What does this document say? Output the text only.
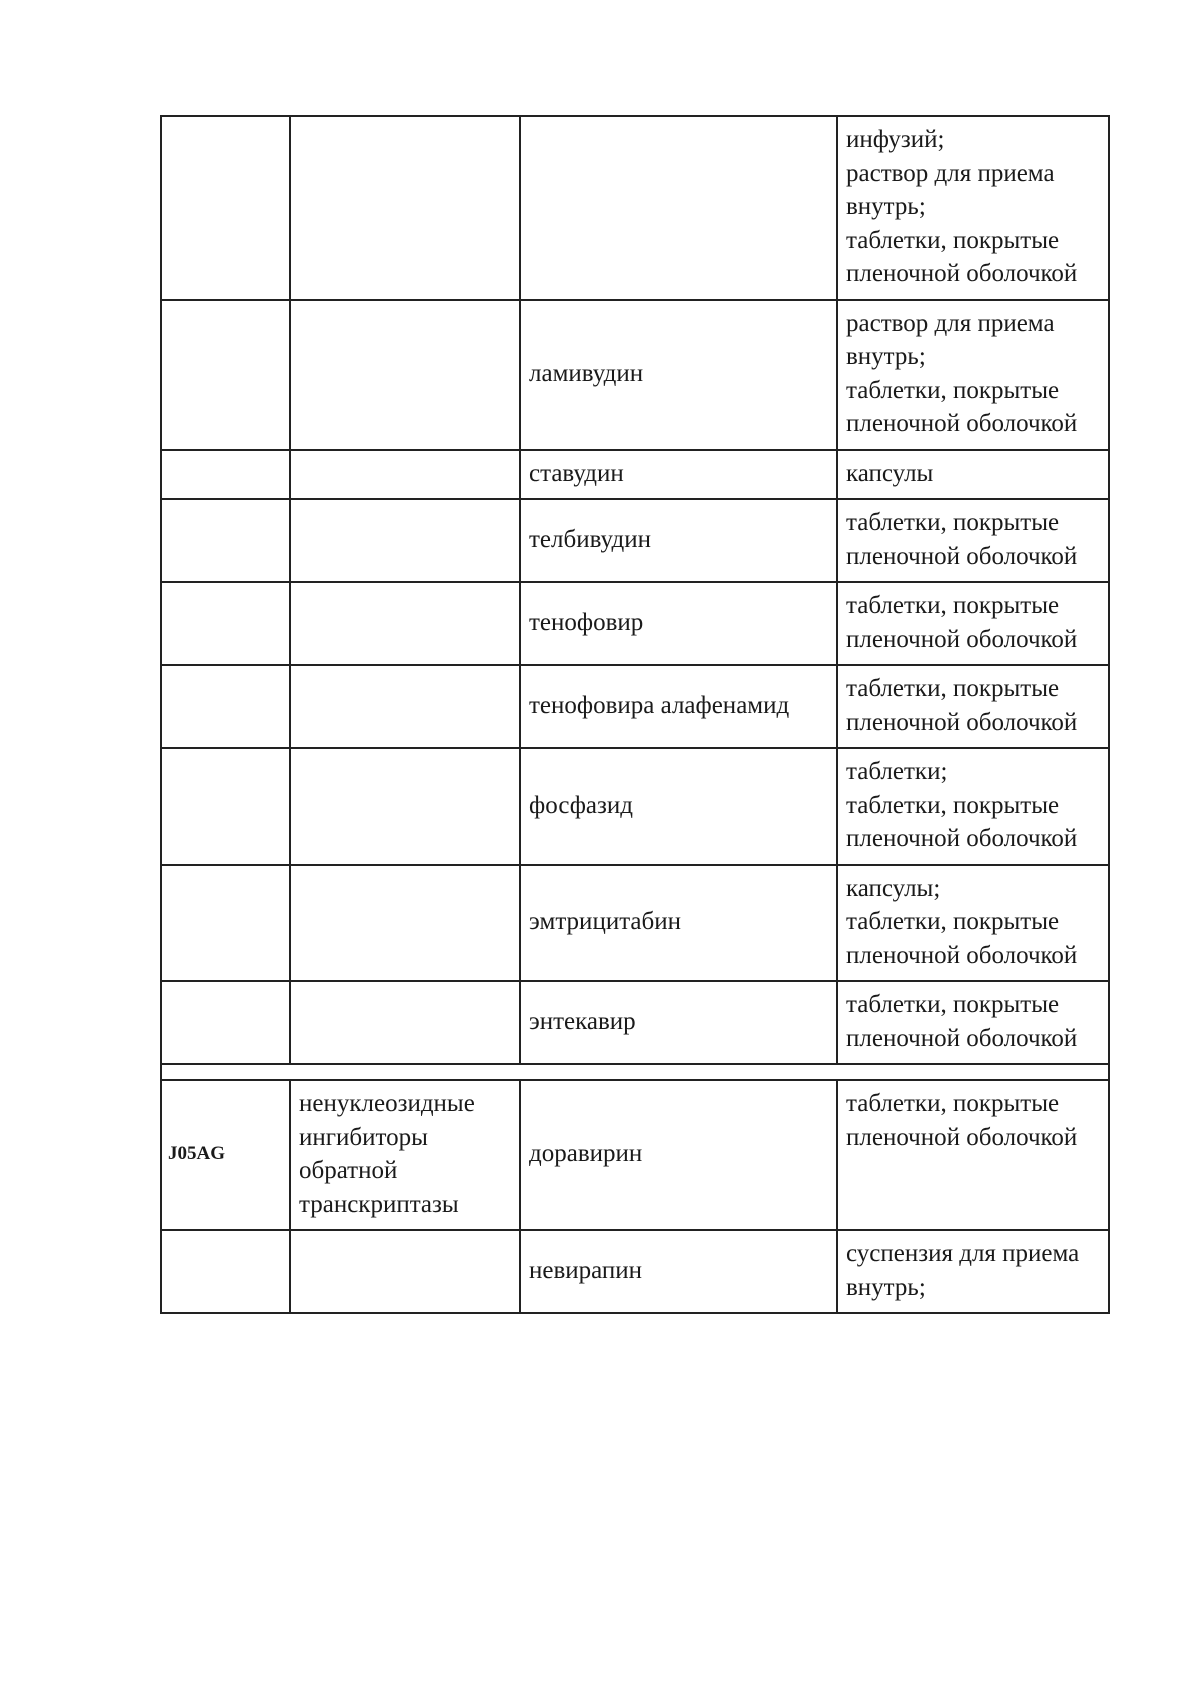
			инфузий;
раствор для приема внутрь;
таблетки, покрытые пленочной оболочкой
		ламивудин	раствор для приема внутрь;
таблетки, покрытые пленочной оболочкой
		ставудин	капсулы
		телбивудин	таблетки, покрытые пленочной оболочкой
		тенофовир	таблетки, покрытые пленочной оболочкой
		тенофовира алафенамид	таблетки, покрытые пленочной оболочкой
		фосфазид	таблетки;
таблетки, покрытые пленочной оболочкой
		эмтрицитабин	капсулы;
таблетки, покрытые пленочной оболочкой
		энтекавир	таблетки, покрытые пленочной оболочкой

J05AG	ненуклеозидные ингибиторы обратной транскриптазы	доравирин	таблетки, покрытые пленочной оболочкой
		невирапин	суспензия для приема внутрь;
